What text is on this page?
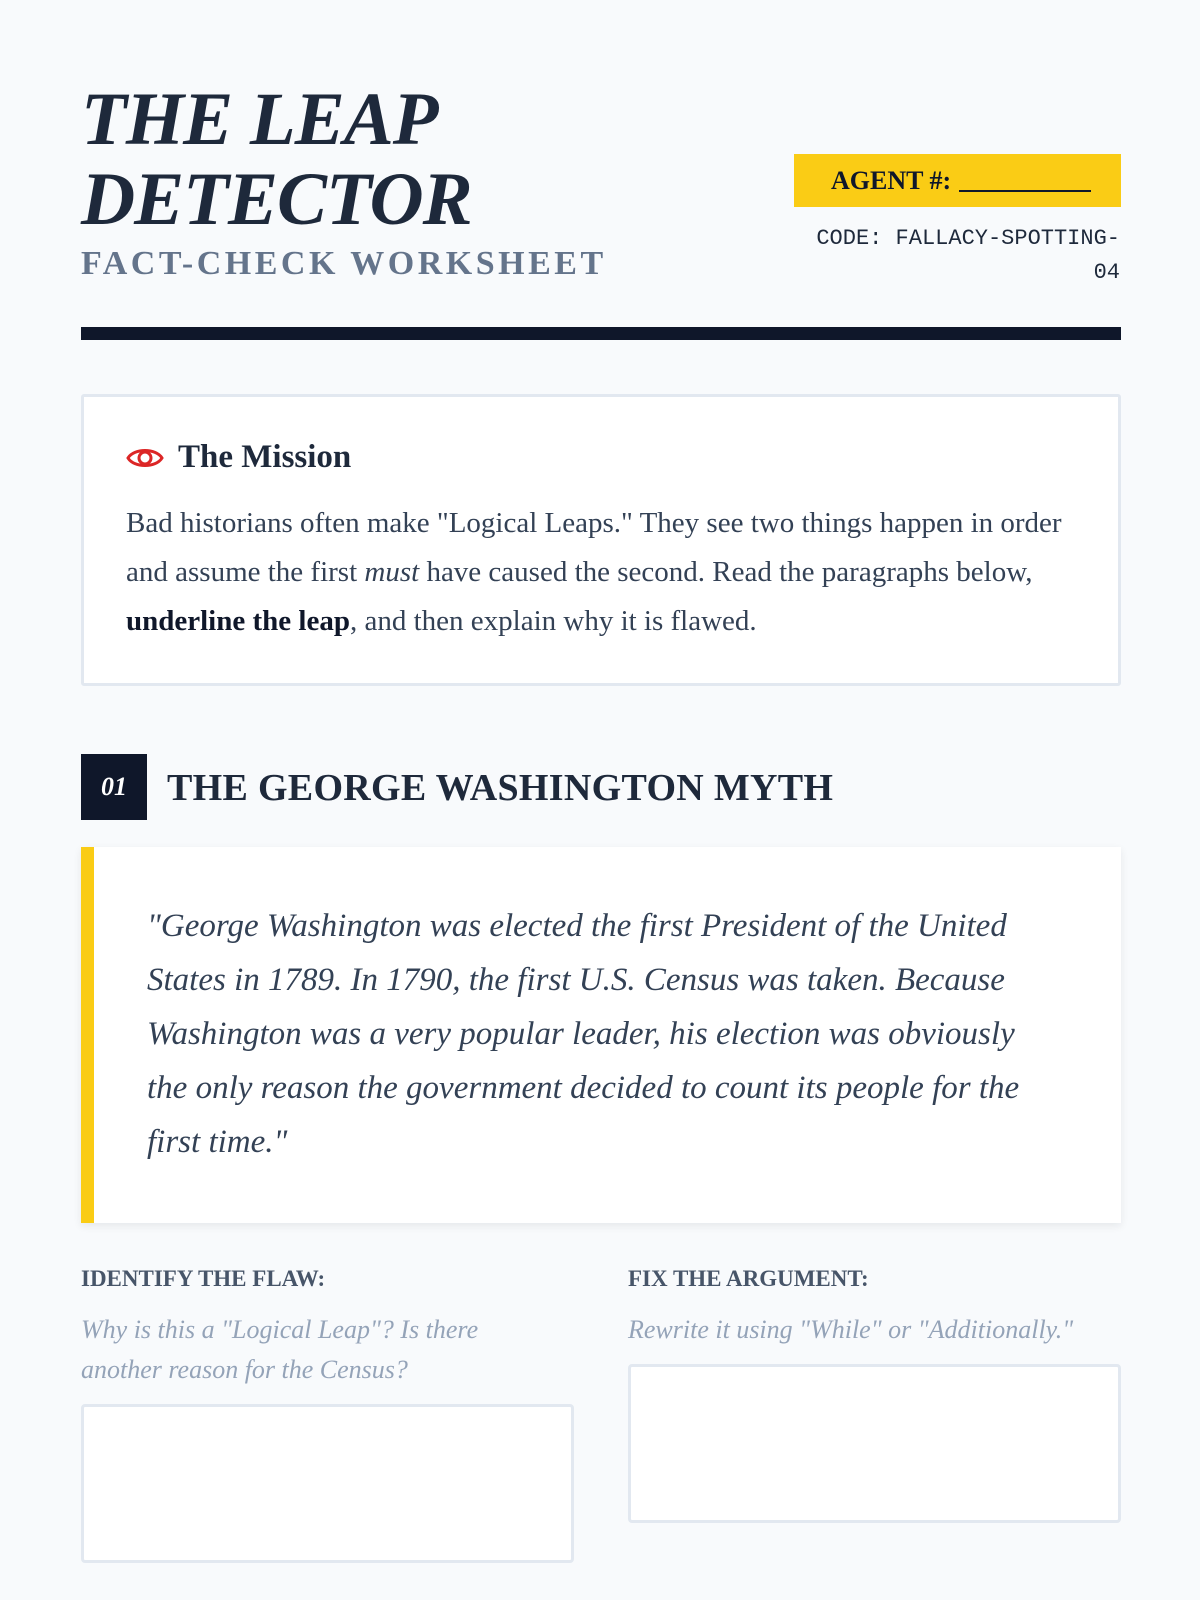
THE LEAP
DETECTOR
FACT-CHECK WORKSHEET
AGENT #:
CODE: FALLACY-SPOTTING-
04
The Mission

Bad historians often make "Logical Leaps." They see two things happen in order and assume the first must have caused the second. Read the paragraphs below, underline the leap, and then explain why it is flawed.

01	THE GEORGE WASHINGTON MYTH

"George Washington was elected the first President of the United States in 1789. In 1790, the first U.S. Census was taken. Because Washington was a very popular leader, his election was obviously the only reason the government decided to count its people for the first time."

IDENTIFY THE FLAW:
Why is this a "Logical Leap"? Is there another reason for the Census?
FIX THE ARGUMENT:
Rewrite it using "While" or "Additionally."
